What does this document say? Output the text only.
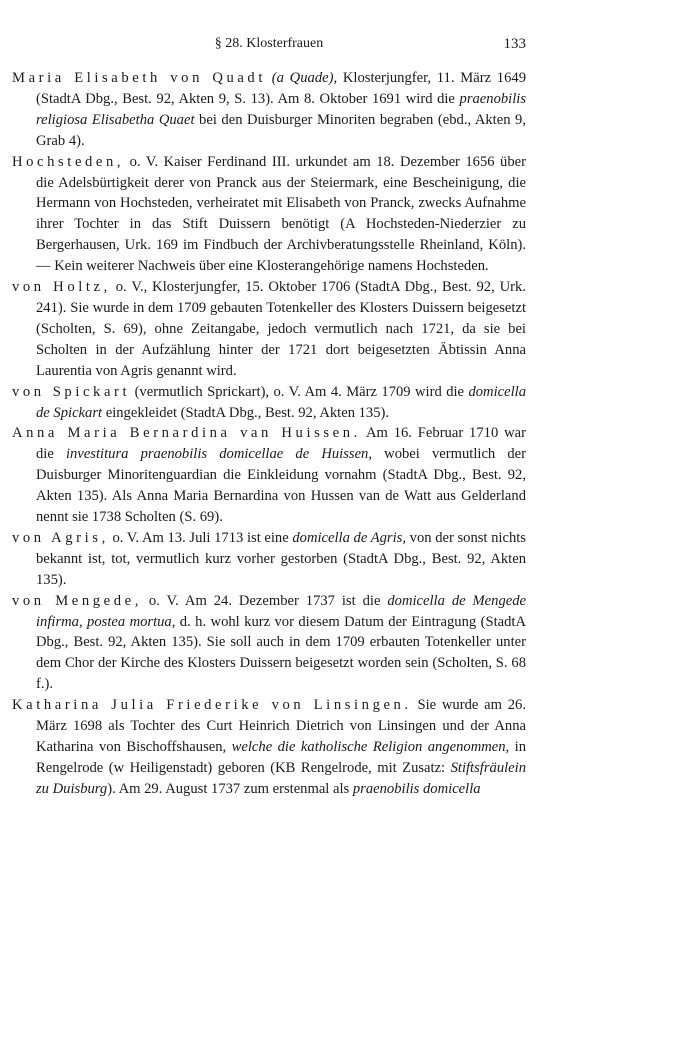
§ 28. Klosterfrauen	133

Maria Elisabeth von Quadt (a Quade), Klosterjungfer, 11. März 1649 (StadtA Dbg., Best. 92, Akten 9, S. 13). Am 8. Oktober 1691 wird die praenobilis religiosa Elisabetha Quaet bei den Duisburger Minoriten begraben (ebd., Akten 9, Grab 4).

Hochsteden, o. V. Kaiser Ferdinand III. urkundet am 18. Dezember 1656 über die Adelsbürtigkeit derer von Pranck aus der Steiermark, eine Bescheinigung, die Hermann von Hochsteden, verheiratet mit Elisabeth von Pranck, zwecks Aufnahme ihrer Tochter in das Stift Duissern benötigt (A Hochsteden-Niederzier zu Bergerhausen, Urk. 169 im Findbuch der Archivberatungsstelle Rheinland, Köln). — Kein weiterer Nachweis über eine Klosterangehörige namens Hochsteden.

von Holtz, o. V., Klosterjungfer, 15. Oktober 1706 (StadtA Dbg., Best. 92, Urk. 241). Sie wurde in dem 1709 gebauten Totenkeller des Klosters Duissern beigesetzt (Scholten, S. 69), ohne Zeitangabe, jedoch vermutlich nach 1721, da sie bei Scholten in der Aufzählung hinter der 1721 dort beigesetzten Äbtissin Anna Laurentia von Agris genannt wird.

von Spickart (vermutlich Sprickart), o. V. Am 4. März 1709 wird die domicella de Spickart eingekleidet (StadtA Dbg., Best. 92, Akten 135).

Anna Maria Bernardina van Huissen. Am 16. Februar 1710 war die investitura praenobilis domicellae de Huissen, wobei vermutlich der Duisburger Minoritenguardian die Einkleidung vornahm (StadtA Dbg., Best. 92, Akten 135). Als Anna Maria Bernardina von Hussen van de Watt aus Gelderland nennt sie 1738 Scholten (S. 69).

von Agris, o. V. Am 13. Juli 1713 ist eine domicella de Agris, von der sonst nichts bekannt ist, tot, vermutlich kurz vorher gestorben (StadtA Dbg., Best. 92, Akten 135).

von Mengede, o. V. Am 24. Dezember 1737 ist die domicella de Mengede infirma, postea mortua, d. h. wohl kurz vor diesem Datum der Eintragung (StadtA Dbg., Best. 92, Akten 135). Sie soll auch in dem 1709 erbauten Totenkeller unter dem Chor der Kirche des Klosters Duissern beigesetzt worden sein (Scholten, S. 68 f.).

Katharina Julia Friederike von Linsingen. Sie wurde am 26. März 1698 als Tochter des Curt Heinrich Dietrich von Linsingen und der Anna Katharina von Bischoffshausen, welche die katholische Religion angenommen, in Rengelrode (w Heiligenstadt) geboren (KB Rengelrode, mit Zusatz: Stiftsfräulein zu Duisburg). Am 29. August 1737 zum erstenmal als praenobilis domicella
